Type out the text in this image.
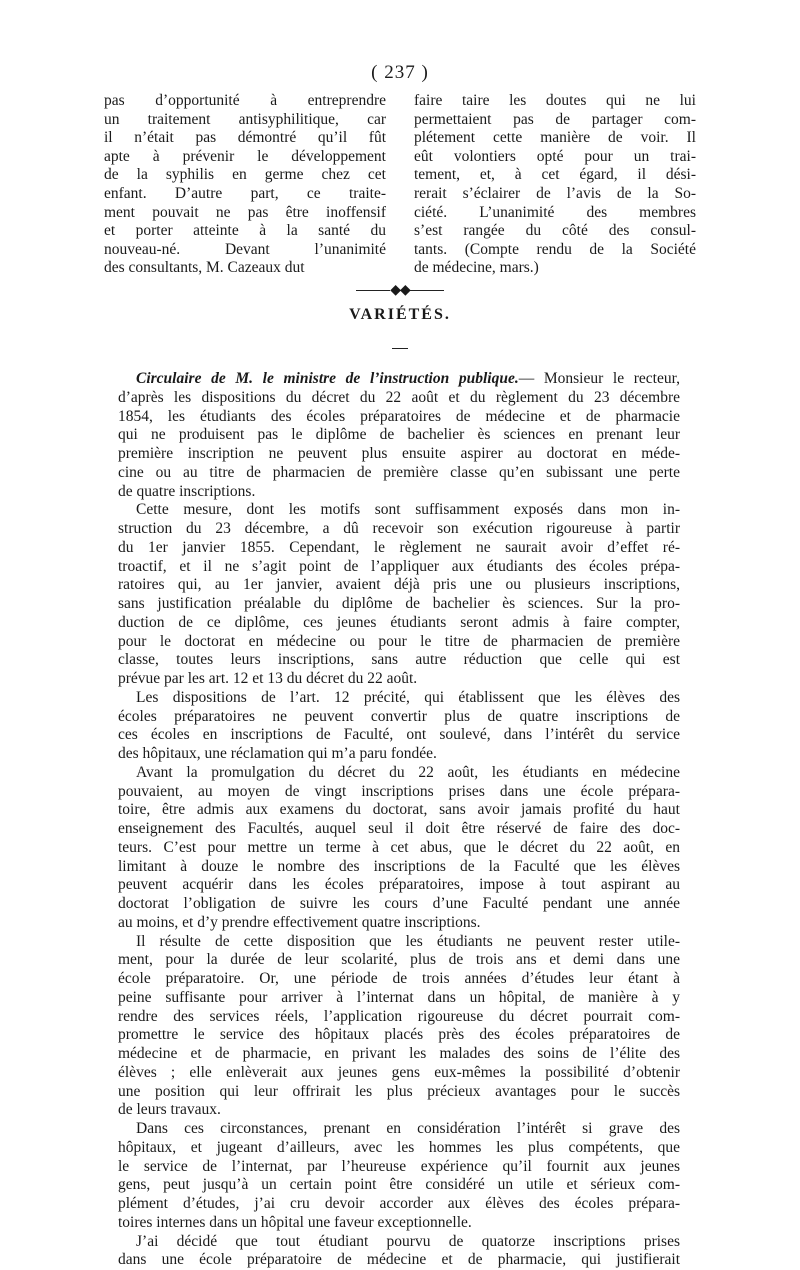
( 237 )
pas d’opportunité à entreprendre
un traitement antisyphilitique, car
il n’était pas démontré qu’il fût
apte à prévenir le développement
de la syphilis en germe chez cet
enfant. D’autre part, ce traite-
ment pouvait ne pas être inoffensif
et porter atteinte à la santé du
nouveau-né. Devant l’unanimité
des consultants, M. Cazeaux dut
faire taire les doutes qui ne lui
permettaient pas de partager com-
plétement cette manière de voir. Il
eût volontiers opté pour un trai-
tement, et, à cet égard, il dési-
rerait s’éclairer de l’avis de la So-
ciété. L’unanimité des membres
s’est rangée du côté des consul-
tants. (Compte rendu de la Société
de médecine, mars.)
◆◆
VARIÉTÉS.
Circulaire de M. le ministre de l’instruction publique.— Monsieur le recteur,
d’après les dispositions du décret du 22 août et du règlement du 23 décembre
1854, les étudiants des écoles préparatoires de médecine et de pharmacie
qui ne produisent pas le diplôme de bachelier ès sciences en prenant leur
première inscription ne peuvent plus ensuite aspirer au doctorat en méde-
cine ou au titre de pharmacien de première classe qu’en subissant une perte
de quatre inscriptions.
Cette mesure, dont les motifs sont suffisamment exposés dans mon in-
struction du 23 décembre, a dû recevoir son exécution rigoureuse à partir
du 1er janvier 1855. Cependant, le règlement ne saurait avoir d’effet ré-
troactif, et il ne s’agit point de l’appliquer aux étudiants des écoles prépa-
ratoires qui, au 1er janvier, avaient déjà pris une ou plusieurs inscriptions,
sans justification préalable du diplôme de bachelier ès sciences. Sur la pro-
duction de ce diplôme, ces jeunes étudiants seront admis à faire compter,
pour le doctorat en médecine ou pour le titre de pharmacien de première
classe, toutes leurs inscriptions, sans autre réduction que celle qui est
prévue par les art. 12 et 13 du décret du 22 août.
Les dispositions de l’art. 12 précité, qui établissent que les élèves des
écoles préparatoires ne peuvent convertir plus de quatre inscriptions de
ces écoles en inscriptions de Faculté, ont soulevé, dans l’intérêt du service
des hôpitaux, une réclamation qui m’a paru fondée.
Avant la promulgation du décret du 22 août, les étudiants en médecine
pouvaient, au moyen de vingt inscriptions prises dans une école prépara-
toire, être admis aux examens du doctorat, sans avoir jamais profité du haut
enseignement des Facultés, auquel seul il doit être réservé de faire des doc-
teurs. C’est pour mettre un terme à cet abus, que le décret du 22 août, en
limitant à douze le nombre des inscriptions de la Faculté que les élèves
peuvent acquérir dans les écoles préparatoires, impose à tout aspirant au
doctorat l’obligation de suivre les cours d’une Faculté pendant une année
au moins, et d’y prendre effectivement quatre inscriptions.
Il résulte de cette disposition que les étudiants ne peuvent rester utile-
ment, pour la durée de leur scolarité, plus de trois ans et demi dans une
école préparatoire. Or, une période de trois années d’études leur étant à
peine suffisante pour arriver à l’internat dans un hôpital, de manière à y
rendre des services réels, l’application rigoureuse du décret pourrait com-
promettre le service des hôpitaux placés près des écoles préparatoires de
médecine et de pharmacie, en privant les malades des soins de l’élite des
élèves ; elle enlèverait aux jeunes gens eux-mêmes la possibilité d’obtenir
une position qui leur offrirait les plus précieux avantages pour le succès
de leurs travaux.
Dans ces circonstances, prenant en considération l’intérêt si grave des
hôpitaux, et jugeant d’ailleurs, avec les hommes les plus compétents, que
le service de l’internat, par l’heureuse expérience qu’il fournit aux jeunes
gens, peut jusqu’à un certain point être considéré un utile et sérieux com-
plément d’études, j’ai cru devoir accorder aux élèves des écoles prépara-
toires internes dans un hôpital une faveur exceptionnelle.
J’ai décidé que tout étudiant pourvu de quatorze inscriptions prises
dans une école préparatoire de médecine et de pharmacie, qui justifierait
